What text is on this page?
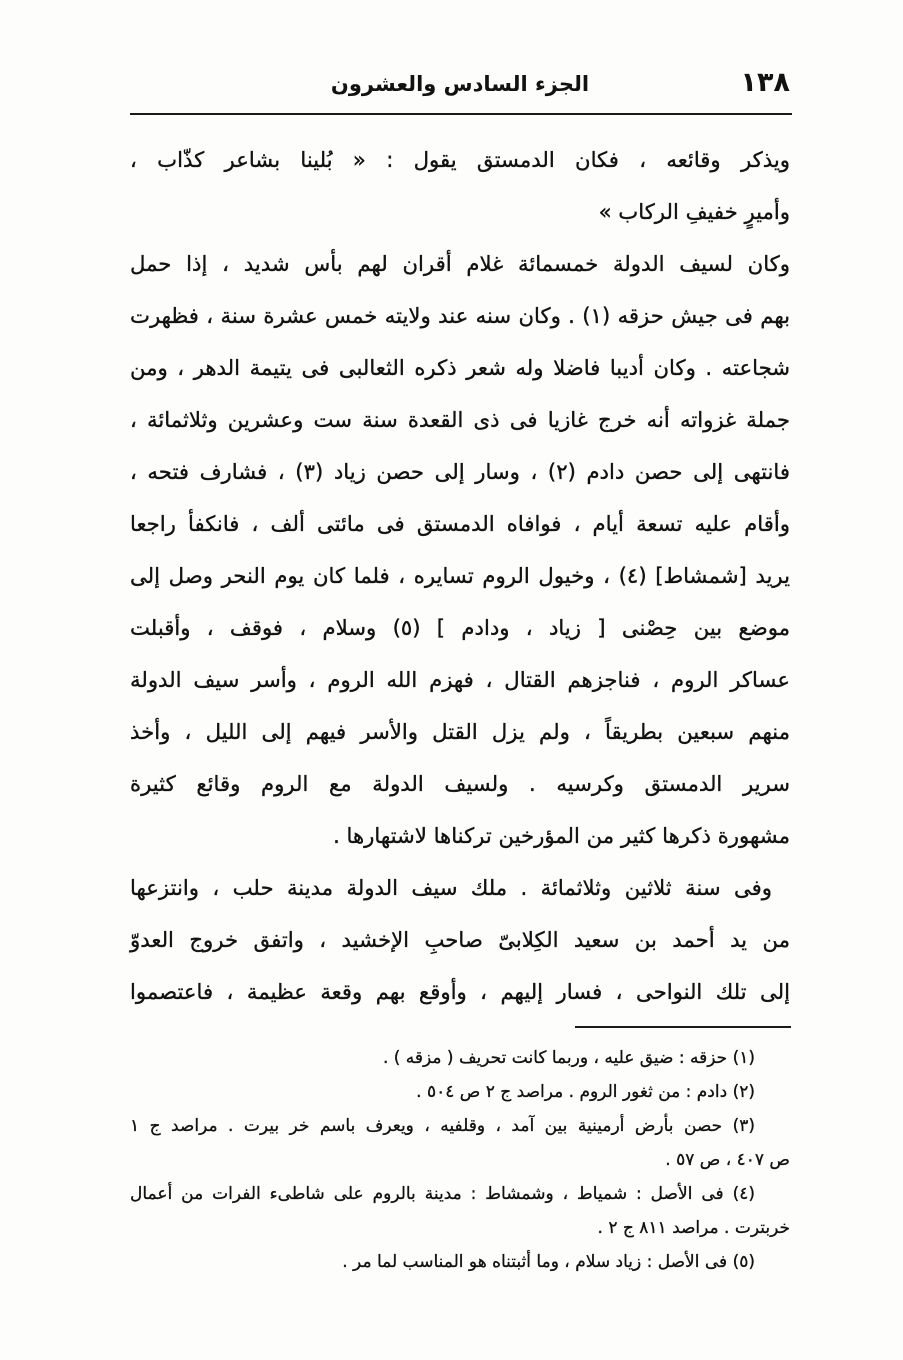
١٣٨
الجزء السادس والعشرون
ويذكر وقائعه ، فكان الدمستق يقول : « بُلينا بشاعر كذّاب ،
وأميرٍ خفيفِ الركاب »
وكان لسيف الدولة خمسمائة غلام أقران لهم بأس شديد ، إذا حمل
بهم فى جيش حزقه (١) . وكان سنه عند ولايته خمس عشرة سنة ، فظهرت
شجاعته . وكان أديبا فاضلا وله شعر ذكره الثعالبى فى يتيمة الدهر ، ومن
جملة غزواته أنه خرج غازيا فى ذى القعدة سنة ست وعشرين وثلاثمائة ،
فانتهى إلى حصن دادم (٢) ، وسار إلى حصن زياد (٣) ، فشارف فتحه ،
وأقام عليه تسعة أيام ، فوافاه الدمستق فى مائتى ألف ، فانكفأ راجعا
يريد [شمشاط] (٤) ، وخيول الروم تسايره ، فلما كان يوم النحر وصل إلى
موضع بين حِصْنى [ زياد ، ودادم ] (٥) وسلام ، فوقف ، وأقبلت
عساكر الروم ، فناجزهم القتال ، فهزم الله الروم ، وأسر سيف الدولة
منهم سبعين بطريقاً ، ولم يزل القتل والأسر فيهم إلى الليل ، وأخذ
سرير الدمستق وكرسيه . ولسيف الدولة مع الروم وقائع كثيرة
مشهورة ذكرها كثير من المؤرخين تركناها لاشتهارها .
وفى سنة ثلاثين وثلاثمائة . ملك سيف الدولة مدينة حلب ، وانتزعها
من يد أحمد بن سعيد الكِلابىّ صاحبِ الإخشيد ، واتفق خروج العدوّ
إلى تلك النواحى ، فسار إليهم ، وأوقع بهم وقعة عظيمة ، فاعتصموا
(١) حزقه : ضيق عليه ، وربما كانت تحريف ( مزقه ) .
(٢) دادم : من ثغور الروم . مراصد ج ٢ ص ٥٠٤ .
(٣) حصن بأرض أرمينية بين آمد ، وقلفيه ، ويعرف باسم خر بيرت . مراصد ج ١
ص ٤٠٧ ، ص ٥٧ .
(٤) فى الأصل : شمياط ، وشمشاط : مدينة بالروم على شاطىء الفرات من أعمال
خربترت . مراصد ٨١١ ج ٢ .
(٥) فى الأصل : زياد سلام ، وما أثبتناه هو المناسب لما مر .
